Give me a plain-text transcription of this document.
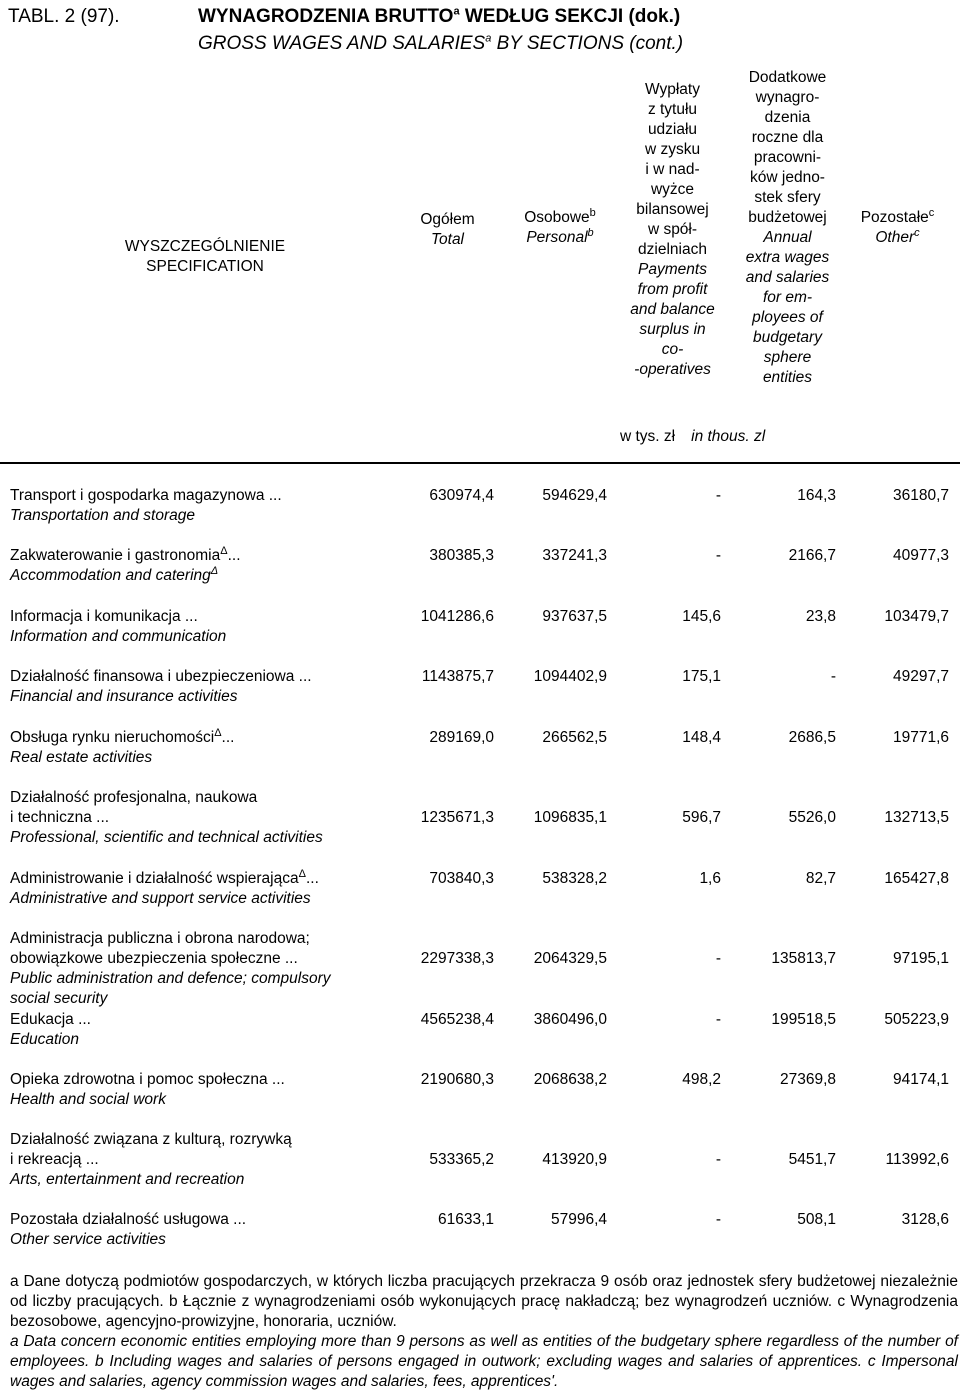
TABL. 2 (97).	WYNAGRODZENIA BRUTTO$^a$ WEDŁUG SEKCJI (dok.)
GROSS WAGES AND SALARIES$^a$ BY SECTIONS (cont.)
WYSZCZEGÓLNIENIE
SPECIFICATION
Ogółem
Total
Osobowe$^b$
Personal$^b$
Wypłaty
z tytułu
udziału
w zysku
i w nad-
wyżce
bilansowej
w spół-
dzielniach
Payments
from profit
and balance
surplus in
co-
-operatives
Dodatkowe
wynagro-
dzenia
roczne dla
pracowni-
ków jedno-
stek sfery
budżetowej
Annual
extra wages
and salaries
for em-
ployees of
budgetary
sphere
entities
Pozostałe$^c$
Other$^c$
w tys. zł in thous. zl
Transport i gospodarka magazynowa ...
Transportation and storage
630974,4	594629,4	-	164,3	36180,7
Zakwaterowanie i gastronomia$^\Delta$...
Accommodation and catering$^\Delta$
380385,3	337241,3	-	2166,7	40977,3
Informacja i komunikacja ...
Information and communication
1041286,6	937637,5	145,6	23,8	103479,7
Działalność finansowa i ubezpieczeniowa ...
Financial and insurance activities
1143875,7	1094402,9	175,1	-	49297,7
Obsługa rynku nieruchomości$^\Delta$...
Real estate activities
289169,0	266562,5	148,4	2686,5	19771,6
Działalność profesjonalna, naukowa
i techniczna ...
Professional, scientific and technical activities
1235671,3	1096835,1	596,7	5526,0	132713,5
Administrowanie i działalność wspierająca$^\Delta$...
Administrative and support service activities
703840,3	538328,2	1,6	82,7	165427,8
Administracja publiczna i obrona narodowa;
obowiązkowe ubezpieczenia społeczne ...
Public administration and defence; compulsory
social security
2297338,3	2064329,5	-	135813,7	97195,1
Edukacja ...
Education
4565238,4	3860496,0	-	199518,5	505223,9
Opieka zdrowotna i pomoc społeczna ...
Health and social work
2190680,3	2068638,2	498,2	27369,8	94174,1
Działalność związana z kulturą, rozrywką
i rekreacją ...
Arts, entertainment and recreation
533365,2	413920,9	-	5451,7	113992,6
Pozostała działalność usługowa ...
Other service activities
61633,1	57996,4	-	508,1	3128,6
a Dane dotyczą podmiotów gospodarczych, w których liczba pracujących przekracza 9 osób oraz jednostek sfery budżetowej niezależnie od liczby pracujących. b Łącznie z wynagrodzeniami osób wykonujących pracę nakładczą; bez wynagrodzeń uczniów. c Wynagrodzenia bezosobowe, agencyjno-prowizyjne, honoraria, uczniów.
a Data concern economic entities employing more than 9 persons as well as entities of the budgetary sphere regardless of the number of employees. b Including wages and salaries of persons engaged in outwork; excluding wages and salaries of apprentices. c Impersonal wages and salaries, agency commission wages and salaries, fees, apprentices'.
